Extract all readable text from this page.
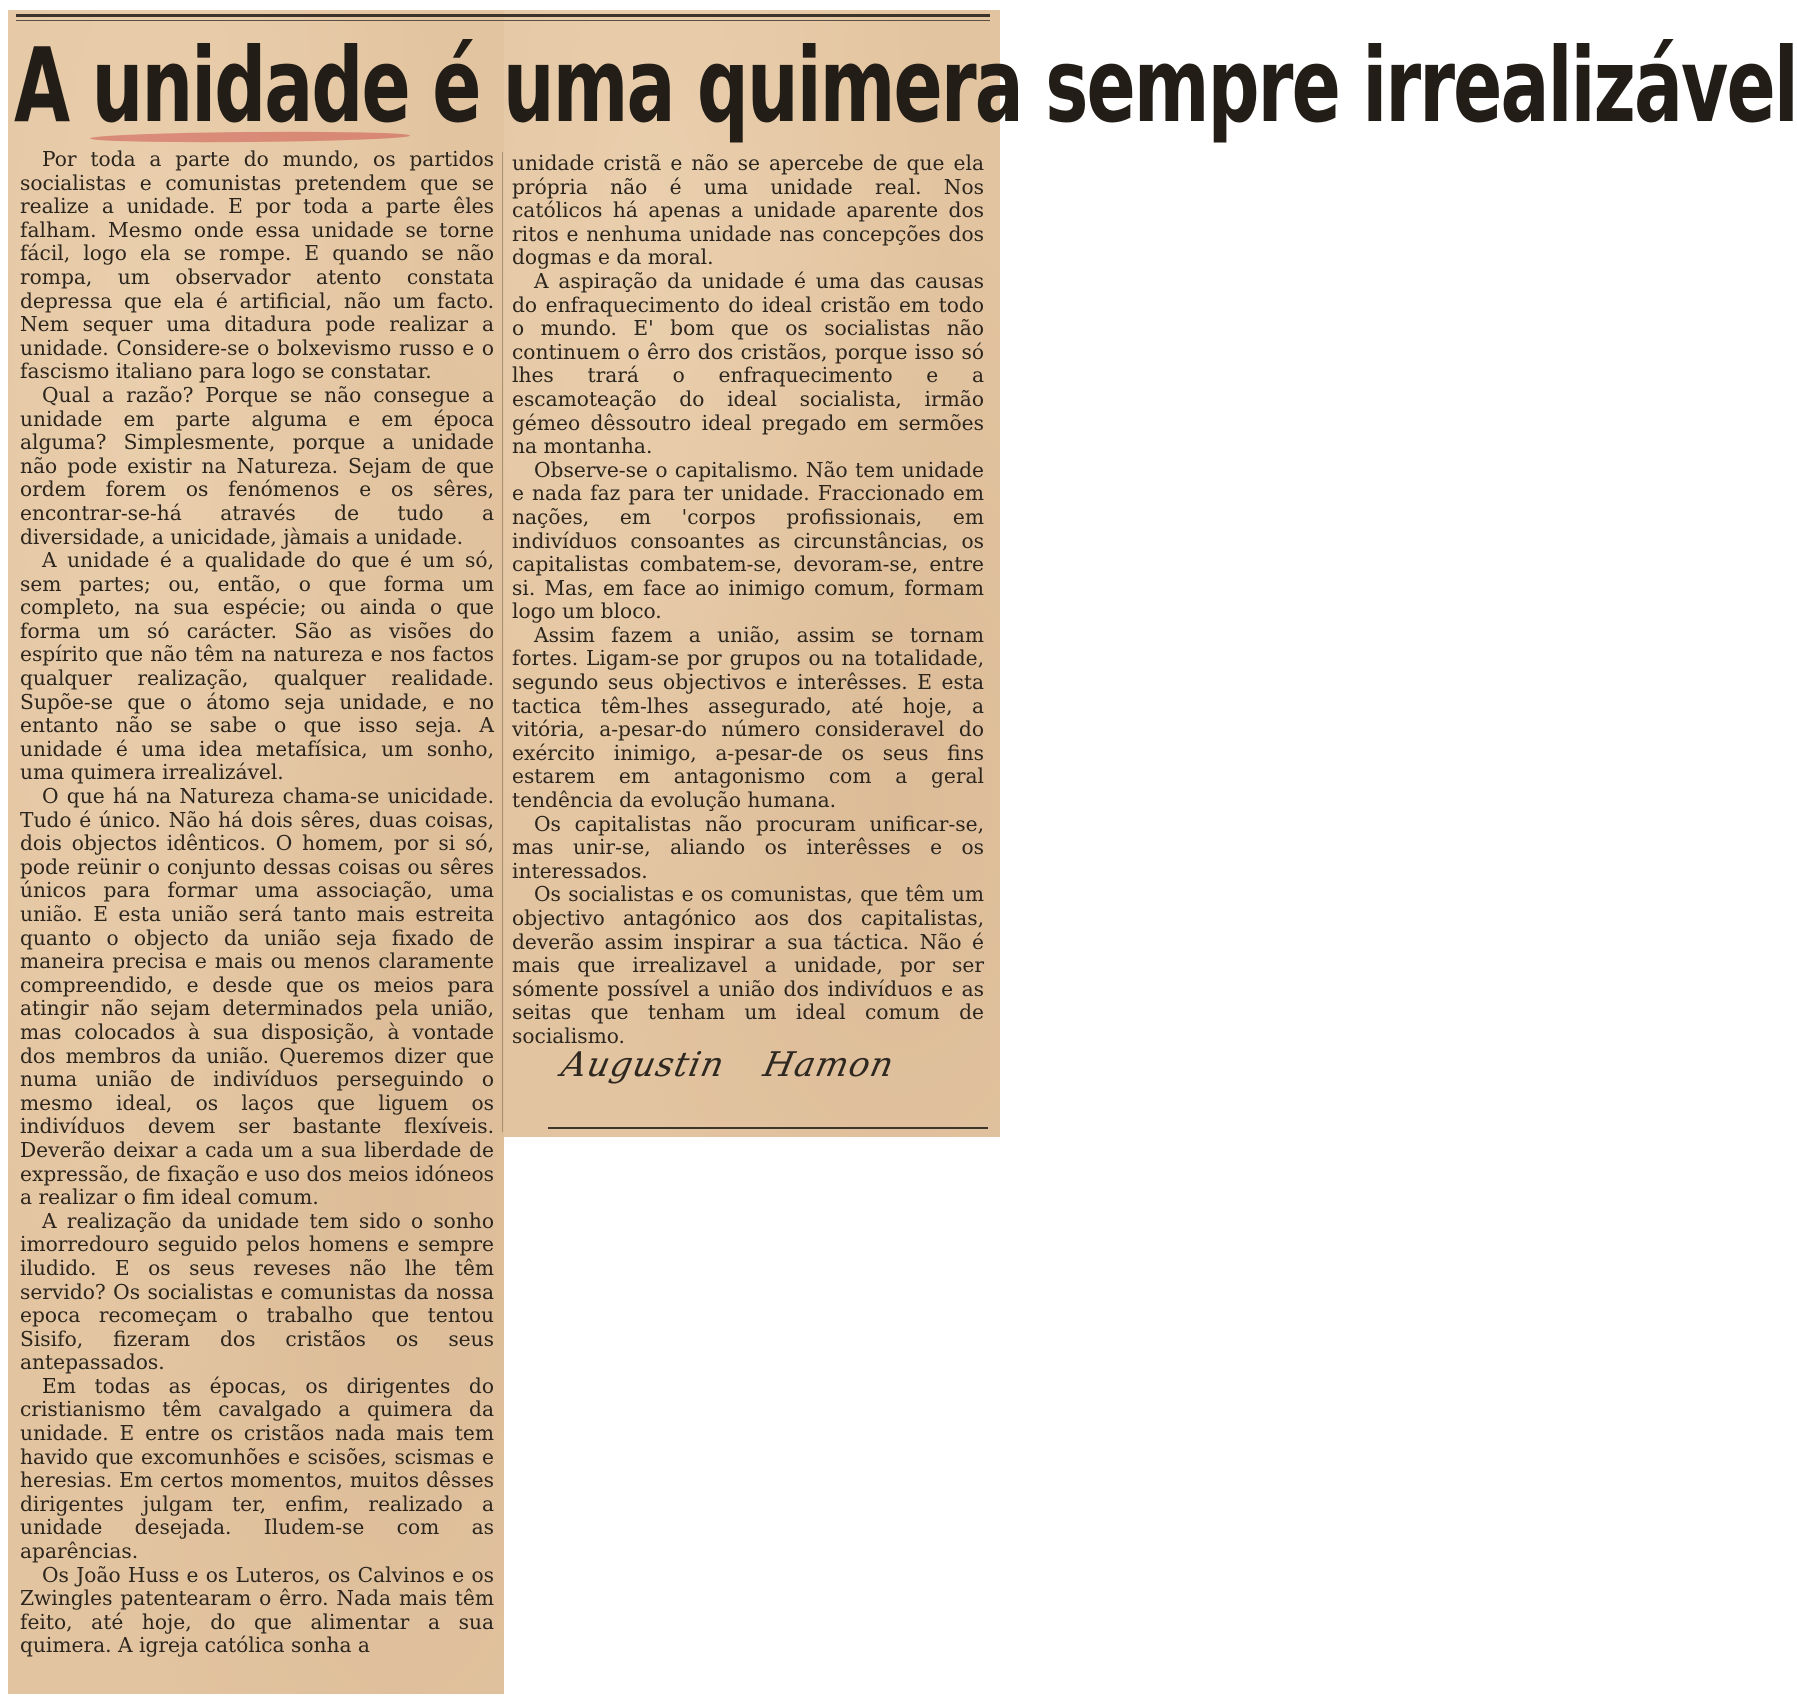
A unidade é uma quimera sempre irrealizável

Por toda a parte do mundo, os partidos socialistas e comunistas pretendem que se realize a unidade. E por toda a parte êles falham. Mesmo onde essa unidade se torne fácil, logo ela se rompe. E quando se não rompa, um observador atento constata depressa que ela é artificial, não um facto. Nem sequer uma ditadura pode realizar a unidade. Considere-se o bolxevismo russo e o fascismo italiano para logo se constatar.

Qual a razão? Porque se não consegue a unidade em parte alguma e em época alguma? Simplesmente, porque a unidade não pode existir na Natureza. Sejam de que ordem forem os fenómenos e os sêres, encontrar-se-há através de tudo a diversidade, a unicidade, jàmais a unidade.

A unidade é a qualidade do que é um só, sem partes; ou, então, o que forma um completo, na sua espécie; ou ainda o que forma um só carácter. São as visões do espírito que não têm na natureza e nos factos qualquer realização, qualquer realidade. Supõe-se que o átomo seja unidade, e no entanto não se sabe o que isso seja. A unidade é uma idea metafísica, um sonho, uma quimera irrealizável.

O que há na Natureza chama-se unicidade. Tudo é único. Não há dois sêres, duas coisas, dois objectos idênticos. O homem, por si só, pode reünir o conjunto dessas coisas ou sêres únicos para formar uma associação, uma união. E esta união será tanto mais estreita quanto o objecto da união seja fixado de maneira precisa e mais ou menos claramente compreendido, e desde que os meios para atingir não sejam determinados pela união, mas colocados à sua disposição, à vontade dos membros da união. Queremos dizer que numa união de indivíduos perseguindo o mesmo ideal, os laços que liguem os indivíduos devem ser bastante flexíveis. Deverão deixar a cada um a sua liberdade de expressão, de fixação e uso dos meios idóneos a realizar o fim ideal comum.

A realização da unidade tem sido o sonho imorredouro seguido pelos homens e sempre iludido. E os seus reveses não lhe têm servido? Os socialistas e comunistas da nossa epoca recomeçam o trabalho que tentou Sisifo, fizeram dos cristãos os seus antepassados.

Em todas as épocas, os dirigentes do cristianismo têm cavalgado a quimera da unidade. E entre os cristãos nada mais tem havido que excomunhões e scisões, scismas e heresias. Em certos momentos, muitos dêsses dirigentes julgam ter, enfim, realizado a unidade desejada. Iludem-se com as aparências.

Os João Huss e os Luteros, os Calvinos e os Zwingles patentearam o êrro. Nada mais têm feito, até hoje, do que alimentar a sua quimera. A igreja católica sonha a

unidade cristã e não se apercebe de que ela própria não é uma unidade real. Nos católicos há apenas a unidade aparente dos ritos e nenhuma unidade nas concepções dos dogmas e da moral.

A aspiração da unidade é uma das causas do enfraquecimento do ideal cristão em todo o mundo. E' bom que os socialistas não continuem o êrro dos cristãos, porque isso só lhes trará o enfraquecimento e a escamoteação do ideal socialista, irmão gémeo dêssoutro ideal pregado em sermões na montanha.

Observe-se o capitalismo. Não tem unidade e nada faz para ter unidade. Fraccionado em nações, em 'corpos profissionais, em indivíduos consoantes as circunstâncias, os capitalistas combatem-se, devoram-se, entre si. Mas, em face ao inimigo comum, formam logo um bloco.

Assim fazem a união, assim se tornam fortes. Ligam-se por grupos ou na totalidade, segundo seus objectivos e interêsses. E esta tactica têm-lhes assegurado, até hoje, a vitória, a-pesar-do número consideravel do exército inimigo, a-pesar-de os seus fins estarem em antagonismo com a geral tendência da evolução humana.

Os capitalistas não procuram unificar-se, mas unir-se, aliando os interêsses e os interessados.

Os socialistas e os comunistas, que têm um objectivo antagónico aos dos capitalistas, deverão assim inspirar a sua táctica. Não é mais que irrealizavel a unidade, por ser sómente possível a união dos indivíduos e as seitas que tenham um ideal comum de socialismo.

Augustin Hamon
